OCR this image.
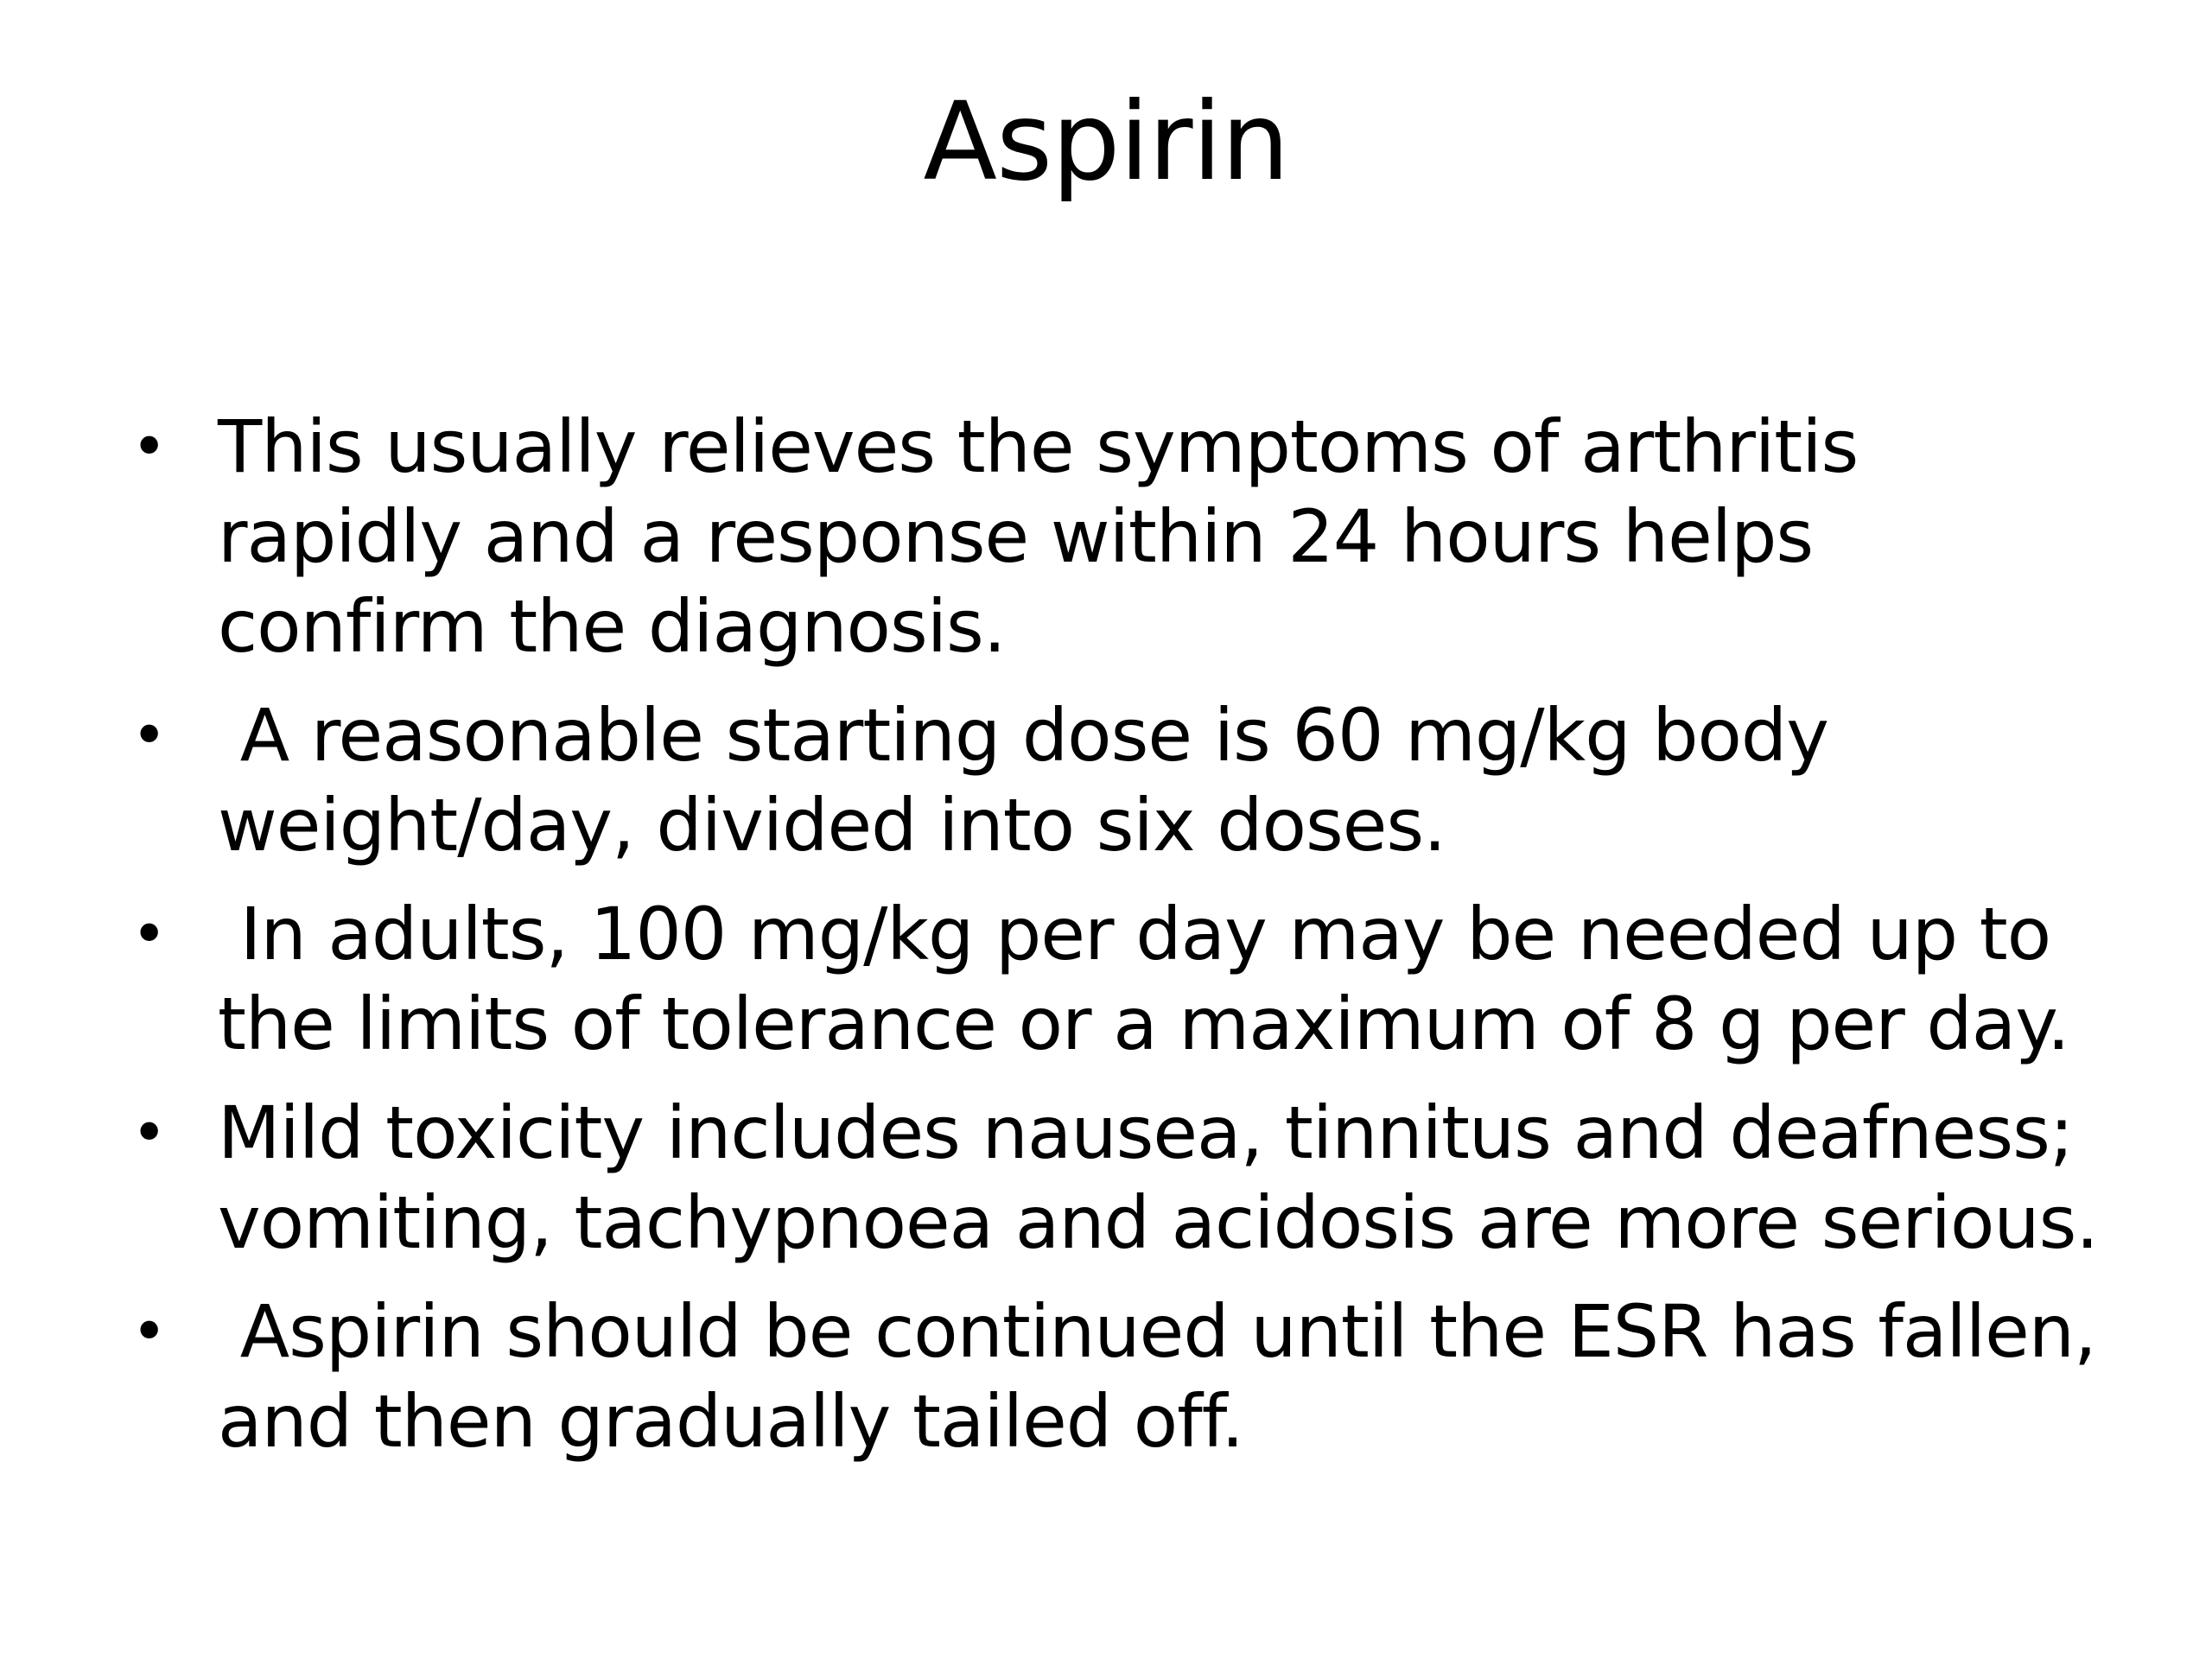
Aspirin
• This usually relieves the symptoms of arthritis rapidly and a response within 24 hours helps confirm the diagnosis.
• A reasonable starting dose is 60 mg/kg body weight/day, divided into six doses.
• In adults, 100 mg/kg per day may be needed up to the limits of tolerance or a maximum of 8 g per day.
• Mild toxicity includes nausea, tinnitus and deafness; vomiting, tachypnoea and acidosis are more serious.
• Aspirin should be continued until the ESR has fallen, and then gradually tailed off.
